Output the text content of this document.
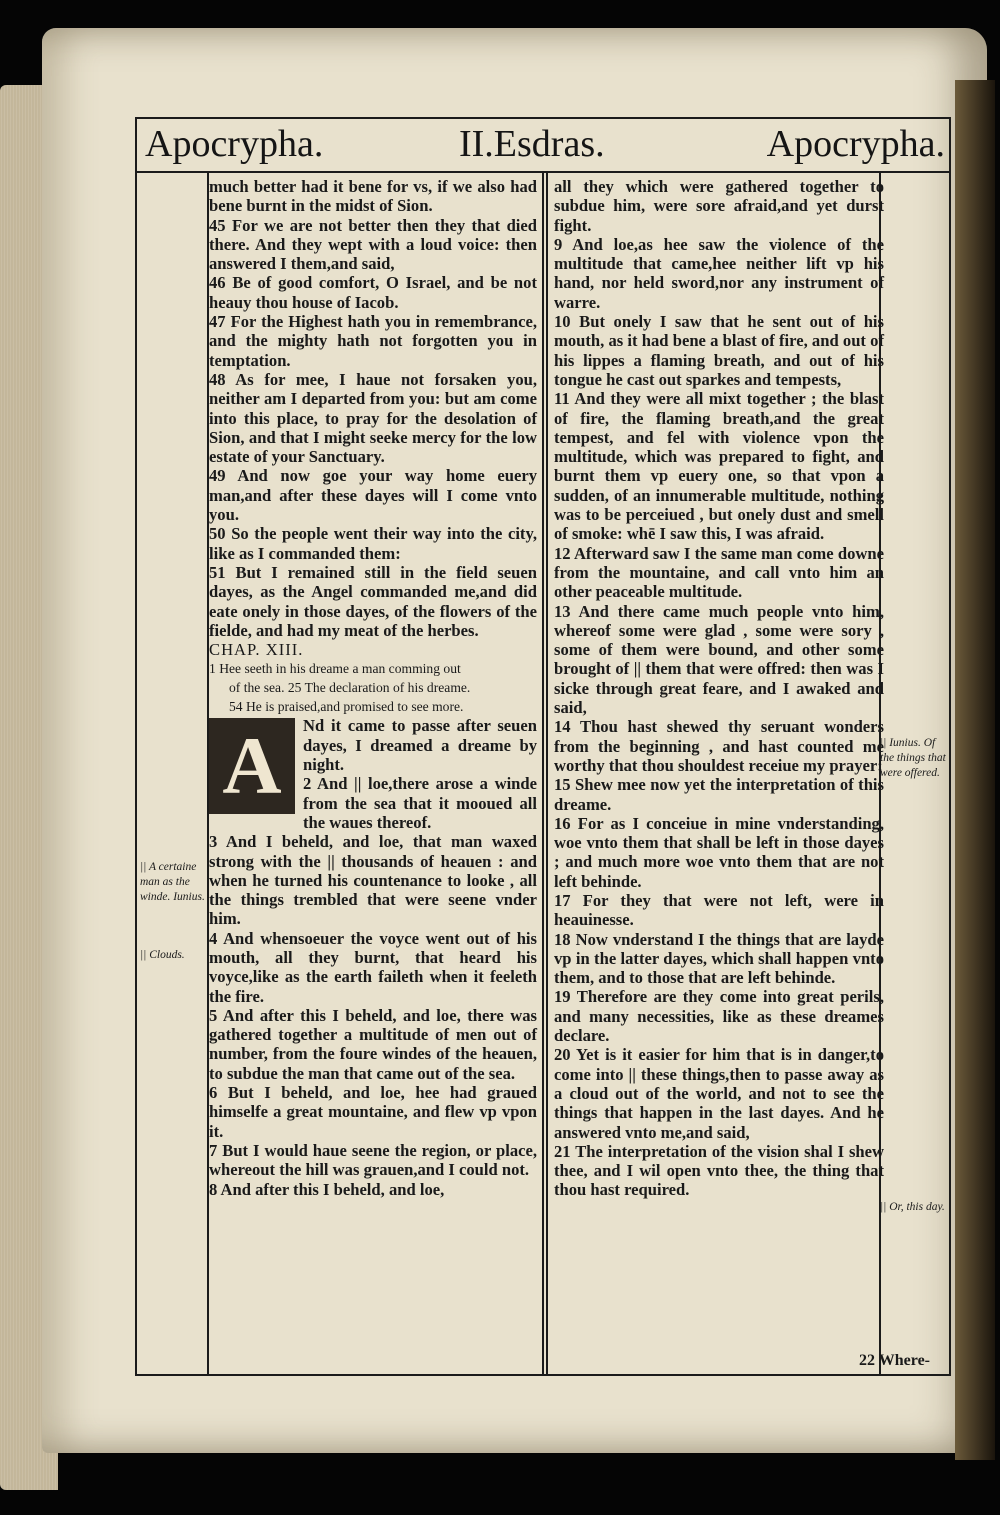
Apocrypha.	II.Esdras.	Apocrypha.

much better had it bene for vs, if we also had bene burnt in the midst of Sion.

45 For we are not better then they that died there. And they wept with a loud voice: then answered I them,and said,

46 Be of good comfort, O Israel, and be not heauy thou house of Iacob.

47 For the Highest hath you in remembrance, and the mighty hath not forgotten you in temptation.

48 As for mee, I haue not forsaken you, neither am I departed from you: but am come into this place, to pray for the desolation of Sion, and that I might seeke mercy for the low estate of your Sanctuary.

49 And now goe your way home euery man,and after these dayes will I come vnto you.

50 So the people went their way into the city, like as I commanded them:

51 But I remained still in the field seuen dayes, as the Angel commanded me,and did eate onely in those dayes, of the flowers of the fielde, and had my meat of the herbes.

CHAP. XIII.

1 Hee seeth in his dreame a man comming out

of the sea. 25 The declaration of his dreame.

54 He is praised,and promised to see more.

A	Nd it came to passe after seuen dayes, I dreamed a dreame by night.

2 And || loe,there arose a winde from the sea that it mooued all the waues thereof.

3 And I beheld, and loe, that man waxed strong with the || thousands of heauen : and when he turned his countenance to looke , all the things trembled that were seene vnder him.

4 And whensoeuer the voyce went out of his mouth, all they burnt, that heard his voyce,like as the earth faileth when it feeleth the fire.

5 And after this I beheld, and loe, there was gathered together a multitude of men out of number, from the foure windes of the heauen, to subdue the man that came out of the sea.

6 But I beheld, and loe, hee had graued himselfe a great mountaine, and flew vp vpon it.

7 But I would haue seene the region, or place, whereout the hill was grauen,and I could not.

8 And after this I beheld, and loe,

all they which were gathered together to subdue him, were sore afraid,and yet durst fight.

9 And loe,as hee saw the violence of the multitude that came,hee neither lift vp his hand, nor held sword,nor any instrument of warre.

10 But onely I saw that he sent out of his mouth, as it had bene a blast of fire, and out of his lippes a flaming breath, and out of his tongue he cast out sparkes and tempests,

11 And they were all mixt together ; the blast of fire, the flaming breath,and the great tempest, and fel with violence vpon the multitude, which was prepared to fight, and burnt them vp euery one, so that vpon a sudden, of an innumerable multitude, nothing was to be perceiued , but onely dust and smell of smoke: whē I saw this, I was afraid.

12 Afterward saw I the same man come downe from the mountaine, and call vnto him an other peaceable multitude.

13 And there came much people vnto him, whereof some were glad , some were sory , some of them were bound, and other some brought of || them that were offred: then was I sicke through great feare, and I awaked and said,

14 Thou hast shewed thy seruant wonders from the beginning , and hast counted me worthy that thou shouldest receiue my prayer:

15 Shew mee now yet the interpretation of this dreame.

16 For as I conceiue in mine vnderstanding, woe vnto them that shall be left in those dayes ; and much more woe vnto them that are not left behinde.

17 For they that were not left, were in heauinesse.

18 Now vnderstand I the things that are layde vp in the latter dayes, which shall happen vnto them, and to those that are left behinde.

19 Therefore are they come into great perils, and many necessities, like as these dreames declare.

20 Yet is it easier for him that is in danger,to come into || these things,then to passe away as a cloud out of the world, and not to see the things that happen in the last dayes. And he answered vnto me,and said,

21 The interpretation of the vision shal I shew thee, and I wil open vnto thee, the thing that thou hast required.

|| A certaine man as the winde. Iunius.
|| Clouds.
|| Iunius. Of the things that were offered.
|| Or, this day.
22 Where-
